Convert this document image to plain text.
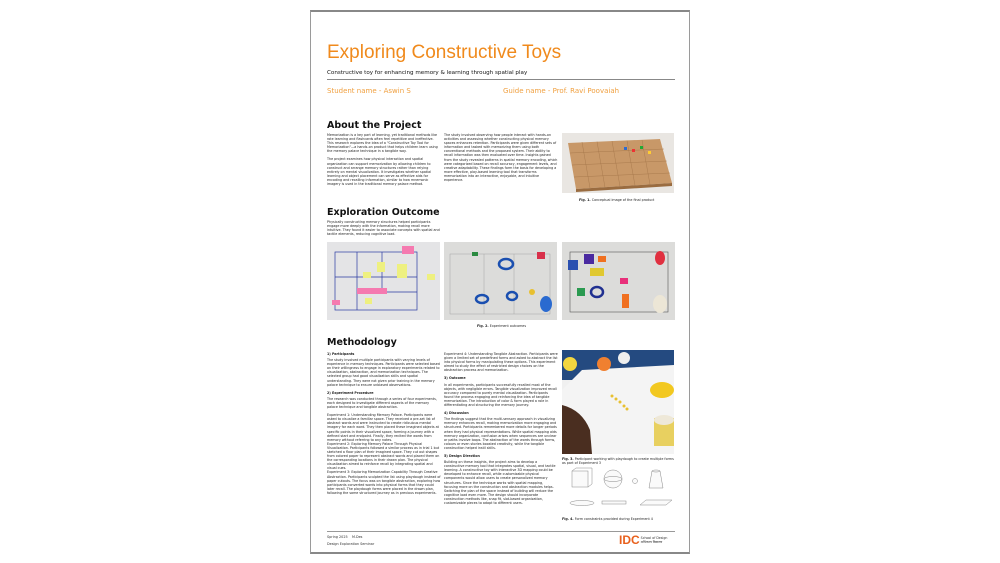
Exploring Constructive Toys
Constructive toy for enhancing memory & learning through spatial play
Student name - Aswin S	Guide name - Prof. Ravi Poovaiah
About the Project

Memorization is a key part of learning, yet traditional methods like rote learning and flashcards often feel repetitive and ineffective. This research explores the idea of a "Constructive Toy Tool for Memorization"—a hands-on product that helps children learn using the memory palace technique in a tangible way.

The project examines how physical interaction and spatial organization can support memorization by allowing children to construct and arrange memory structures rather than relying entirely on mental visualization. It investigates whether spatial learning and object placement can serve as effective aids for encoding and recalling information, similar to how mnemonic imagery is used in the traditional memory palace method.

The study involved observing how people interact with hands-on activities and assessing whether constructing physical memory spaces enhances retention. Participants were given different sets of information and tasked with memorizing them using both conventional methods and the proposed system. Their ability to recall information was then evaluated over time. Insights gained from the study revealed patterns in spatial memory encoding, which were categorized based on recall accuracy, engagement levels, and creative adaptability. These findings form the basis for developing a more effective, play-based learning tool that transforms memorization into an interactive, enjoyable, and intuitive experience.

Fig. 1. Conceptual image of the final product
Exploration Outcome
Physically constructing memory structures helped participants engage more deeply with the information, making recall more intuitive. They found it easier to associate concepts with spatial and tactile elements, reducing cognitive load.
Fig. 2. Experiment outcomes
Methodology
1) Participants

The study involved multiple participants with varying levels of experience in memory techniques. Participants were selected based on their willingness to engage in exploratory experiments related to visualization, abstraction, and memorization techniques. The selected group had good visualization skills and spatial understanding. They were not given prior training in the memory palace technique to ensure unbiased observations.

2) Experiment Procedure

The research was conducted through a series of four experiments, each designed to investigate different aspects of the memory palace technique and tangible abstraction.

Experiment 1: Understanding Memory Palace. Participants were asked to visualize a familiar space. They received a pre-set list of abstract words and were instructed to create ridiculous mental imagery for each word. They then placed these imagined objects at specific points in their visualized space, forming a journey with a defined start and endpoint. Finally, they recited the words from memory without referring to any notes.

Experiment 2: Exploring Memory Palace Through Physical Visualization. Participants followed a similar process as in trial 1 but sketched a floor plan of their imagined space. They cut out shapes from colored paper to represent abstract words and placed them on the corresponding locations in their drawn plan. The physical visualization aimed to reinforce recall by integrating spatial and visual cues.

Experiment 3: Exploring Memorization Capability Through Creative Abstraction. Participants sculpted the list using playdough instead of paper cutouts. The focus was on tangible abstraction, exploring how participants converted words into physical forms that they could later recall. The playdough forms were placed in the drawn plan, following the same structured journey as in previous experiments.

Experiment 4: Understanding Tangible Abstraction. Participants were given a limited set of predefined forms and asked to abstract the list into physical forms by manipulating these options. This experiment aimed to study the effect of restricted design choices on the abstraction process and memorization.

3) Outcome

In all experiments, participants successfully recalled most of the objects, with negligible errors. Tangible visualization improved recall accuracy compared to purely mental visualization. Participants found the process engaging and reinforcing the idea of tangible memorization. The introduction of color & form played a role in differentiating and structuring the memory journey.

4) Discussion

The findings suggest that the multi-sensory approach in visualizing memory enhances recall, making memorization more engaging and structured. Participants remembered more details for longer periods when they had physical representations. While spatial mapping aids memory organization, confusion arises when sequences are unclear or paths involve loops. The abstraction of the words through forms, colours or even stories boosted creativity, while the tangible construction helped instil skills.

5) Design Direction

Building on these insights, the project aims to develop a constructive memory tool that integrates spatial, visual, and tactile learning. A constructive toy with interactive 3D mapping could be developed to enhance recall, while customizable physical components would allow users to create personalized memory structures. Since the technique works with spatial mapping, focusing more on the construction and abstraction modules helps. Switching the plan of the space instead of building will reduce the cognitive load even more. The design should incorporate construction methods like, snap fit, slot-based organization, customizable pieces to adapt to different users.

Fig. 3. Participant working with playdough to create multiple forms as part of Experiment 3
Fig. 4. Form constraints provided during Experiment 4
Spring 2025 M.Des
Design Exploration Seminar	IDC School of Design
अभिकल्प विद्यालय
